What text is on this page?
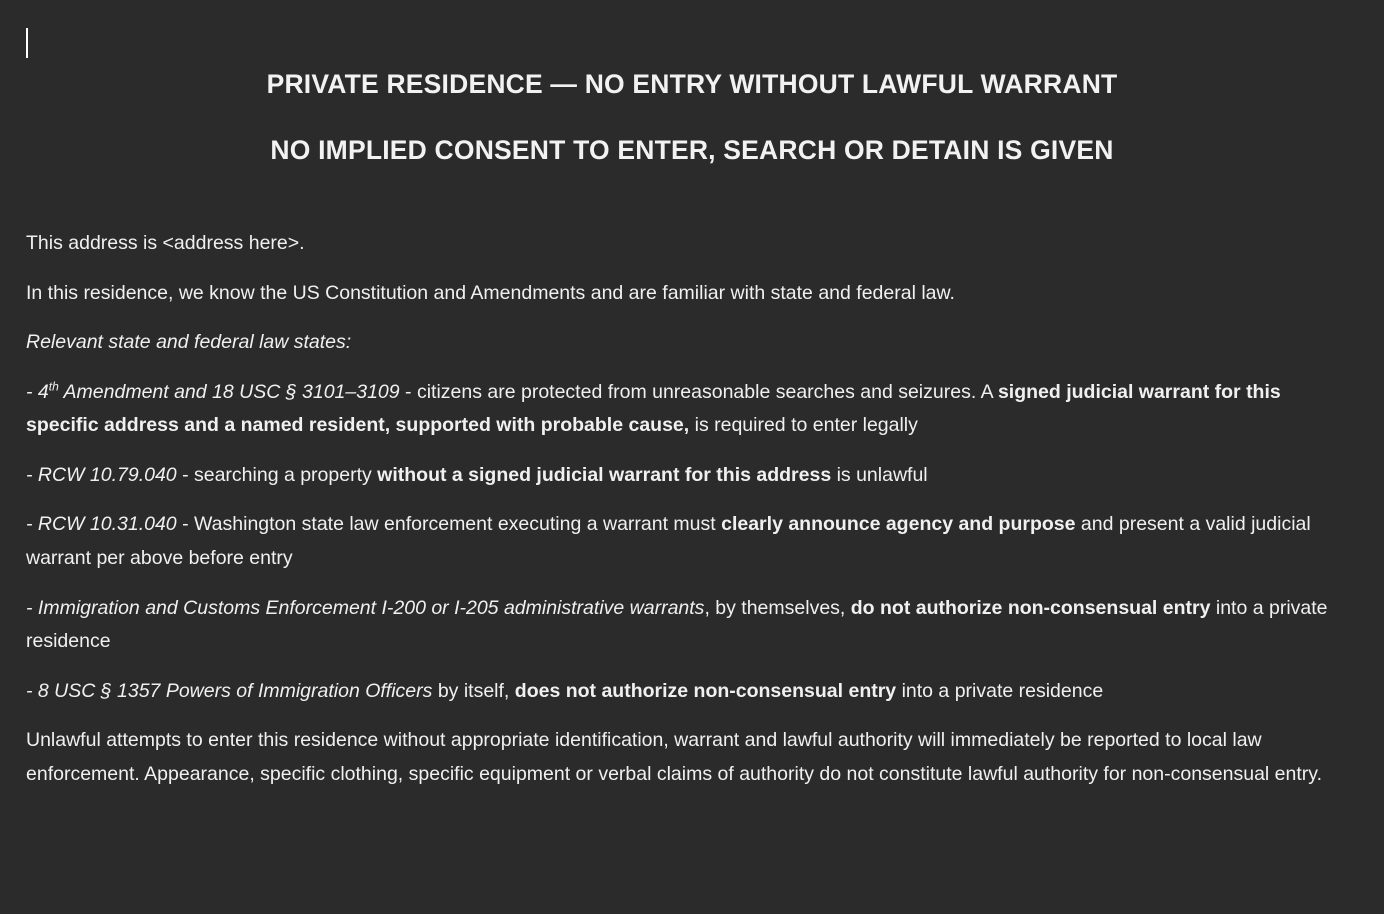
PRIVATE RESIDENCE — NO ENTRY WITHOUT LAWFUL WARRANT
NO IMPLIED CONSENT TO ENTER, SEARCH OR DETAIN IS GIVEN

This address is <address here>.

In this residence, we know the US Constitution and Amendments and are familiar with state and federal law.

Relevant state and federal law states:

- 4th Amendment and 18 USC § 3101–3109 - citizens are protected from unreasonable searches and seizures. A signed judicial warrant for this specific address and a named resident, supported with probable cause, is required to enter legally

- RCW 10.79.040 - searching a property without a signed judicial warrant for this address is unlawful

- RCW 10.31.040 - Washington state law enforcement executing a warrant must clearly announce agency and purpose and present a valid judicial warrant per above before entry

- Immigration and Customs Enforcement I-200 or I-205 administrative warrants, by themselves, do not authorize non-consensual entry into a private residence

- 8 USC § 1357 Powers of Immigration Officers by itself, does not authorize non-consensual entry into a private residence

Unlawful attempts to enter this residence without appropriate identification, warrant and lawful authority will immediately be reported to local law enforcement. Appearance, specific clothing, specific equipment or verbal claims of authority do not constitute lawful authority for non-consensual entry.
